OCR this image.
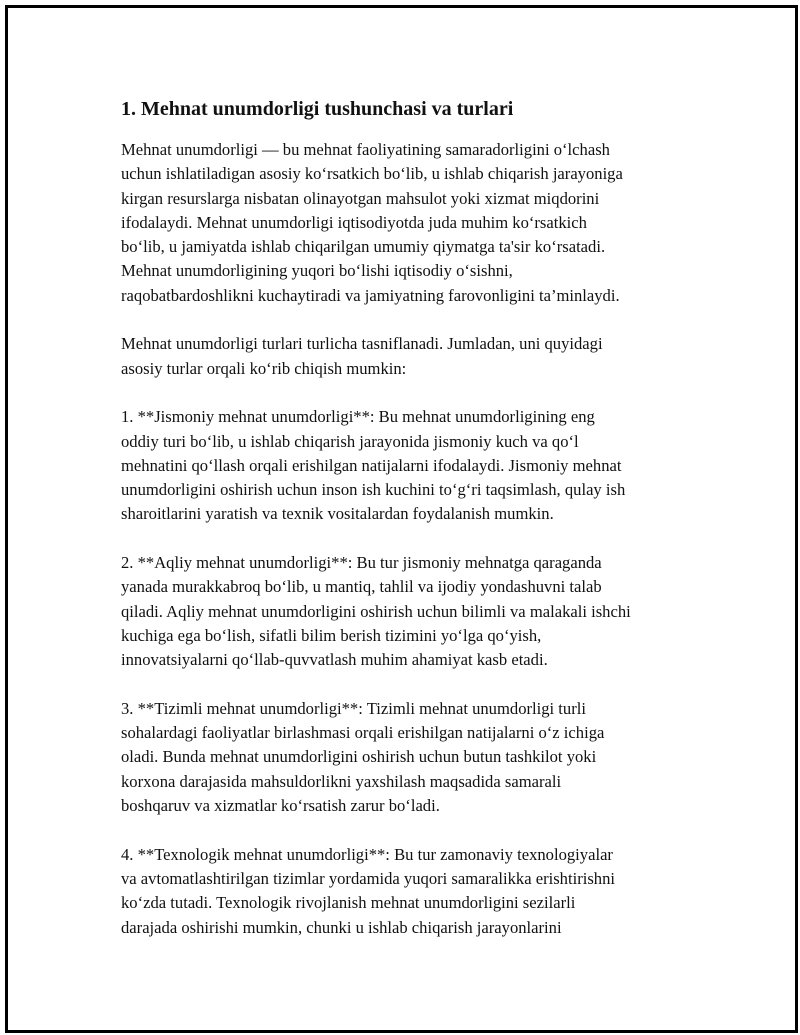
1. Mehnat unumdorligi tushunchasi va turlari
Mehnat unumdorligi — bu mehnat faoliyatining samaradorligini o‘lchash
uchun ishlatiladigan asosiy ko‘rsatkich bo‘lib, u ishlab chiqarish jarayoniga
kirgan resurslarga nisbatan olinayotgan mahsulot yoki xizmat miqdorini
ifodalaydi. Mehnat unumdorligi iqtisodiyotda juda muhim ko‘rsatkich
bo‘lib, u jamiyatda ishlab chiqarilgan umumiy qiymatga ta'sir ko‘rsatadi.
Mehnat unumdorligining yuqori bo‘lishi iqtisodiy o‘sishni,
raqobatbardoshlikni kuchaytiradi va jamiyatning farovonligini ta’minlaydi.
Mehnat unumdorligi turlari turlicha tasniflanadi. Jumladan, uni quyidagi
asosiy turlar orqali ko‘rib chiqish mumkin:
1. **Jismoniy mehnat unumdorligi**: Bu mehnat unumdorligining eng
oddiy turi bo‘lib, u ishlab chiqarish jarayonida jismoniy kuch va qo‘l
mehnatini qo‘llash orqali erishilgan natijalarni ifodalaydi. Jismoniy mehnat
unumdorligini oshirish uchun inson ish kuchini to‘g‘ri taqsimlash, qulay ish
sharoitlarini yaratish va texnik vositalardan foydalanish mumkin.
2. **Aqliy mehnat unumdorligi**: Bu tur jismoniy mehnatga qaraganda
yanada murakkabroq bo‘lib, u mantiq, tahlil va ijodiy yondashuvni talab
qiladi. Aqliy mehnat unumdorligini oshirish uchun bilimli va malakali ishchi
kuchiga ega bo‘lish, sifatli bilim berish tizimini yo‘lga qo‘yish,
innovatsiyalarni qo‘llab-quvvatlash muhim ahamiyat kasb etadi.
3. **Tizimli mehnat unumdorligi**: Tizimli mehnat unumdorligi turli
sohalardagi faoliyatlar birlashmasi orqali erishilgan natijalarni o‘z ichiga
oladi. Bunda mehnat unumdorligini oshirish uchun butun tashkilot yoki
korxona darajasida mahsuldorlikni yaxshilash maqsadida samarali
boshqaruv va xizmatlar ko‘rsatish zarur bo‘ladi.
4. **Texnologik mehnat unumdorligi**: Bu tur zamonaviy texnologiyalar
va avtomatlashtirilgan tizimlar yordamida yuqori samaralikka erishtirishni
ko‘zda tutadi. Texnologik rivojlanish mehnat unumdorligini sezilarli
darajada oshirishi mumkin, chunki u ishlab chiqarish jarayonlarini
